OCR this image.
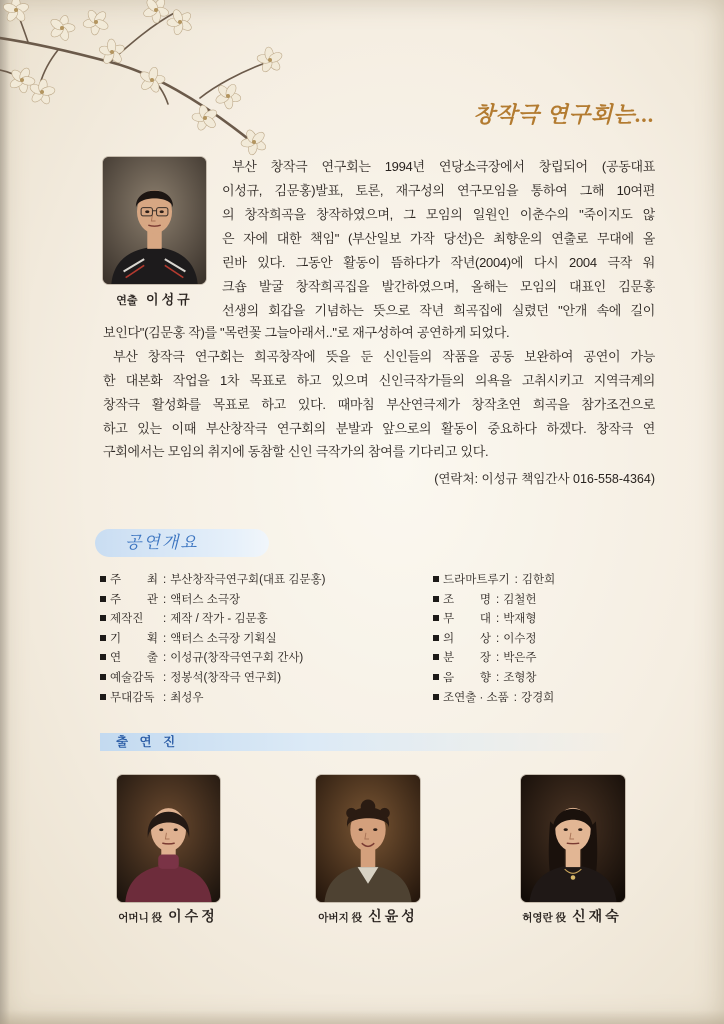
창작극 연구회는...
연출 이성규
부산 창작극 연구회는 1994년 연당소극장에서 창립되어 (공동대표
이성규, 김문홍)발표, 토론, 재구성의 연구모임을 통하여 그해 10여편
의 창작희곡을 창작하였으며, 그 모임의 일원인 이춘수의 "죽이지도 않
은 자에 대한 책임" (부산일보 가작 당선)은 최향운의 연출로 무대에 올
린바 있다. 그동안 활동이 뜸하다가 작년(2004)에 다시 2004 극작 워
크숍 발굴 창작희곡집을 발간하였으며, 올해는 모임의 대표인 김문홍
선생의 회갑을 기념하는 뜻으로 작년 희곡집에 실렸던 "안개 속에 길이
보인다"(김문홍 작)를 "목련꽃 그늘아래서.."로 재구성하여 공연하게 되었다.
부산 창작극 연구회는 희곡창작에 뜻을 둔 신인들의 작품을 공동 보완하여 공연이 가능
한 대본화 작업을 1차 목표로 하고 있으며 신인극작가들의 의욕을 고취시키고 지역극계의
창작극 활성화를 목표로 하고 있다. 때마침 부산연극제가 창작초연 희곡을 참가조건으로
하고 있는 이때 부산창작극 연구회의 분발과 앞으로의 활동이 중요하다 하겠다. 창작극 연
구회에서는 모임의 취지에 동참할 신인 극작가의 참여를 기다리고 있다.
(연락처: 이성규 책임간사 016-558-4364)
공연개요
주 최 : 부산창작극연구회(대표 김문홍)
주 관 : 액터스 소극장
제작진 : 제작 / 작가 - 김문홍
기 획 : 액터스 소극장 기획실
연 출 : 이성규(창작극연구회 간사)
예술감독 : 정봉석(창작극 연구회)
무대감독 : 최성우
드라마트루기 : 김한희
조 명 : 김철헌
무 대 : 박재형
의 상 : 이수정
분 장 : 박은주
음 향 : 조형창
조연출 · 소품 : 강경희
출 연 진
어머니 役 이수정	아버지 役 신윤성	허영란 役 신재숙
